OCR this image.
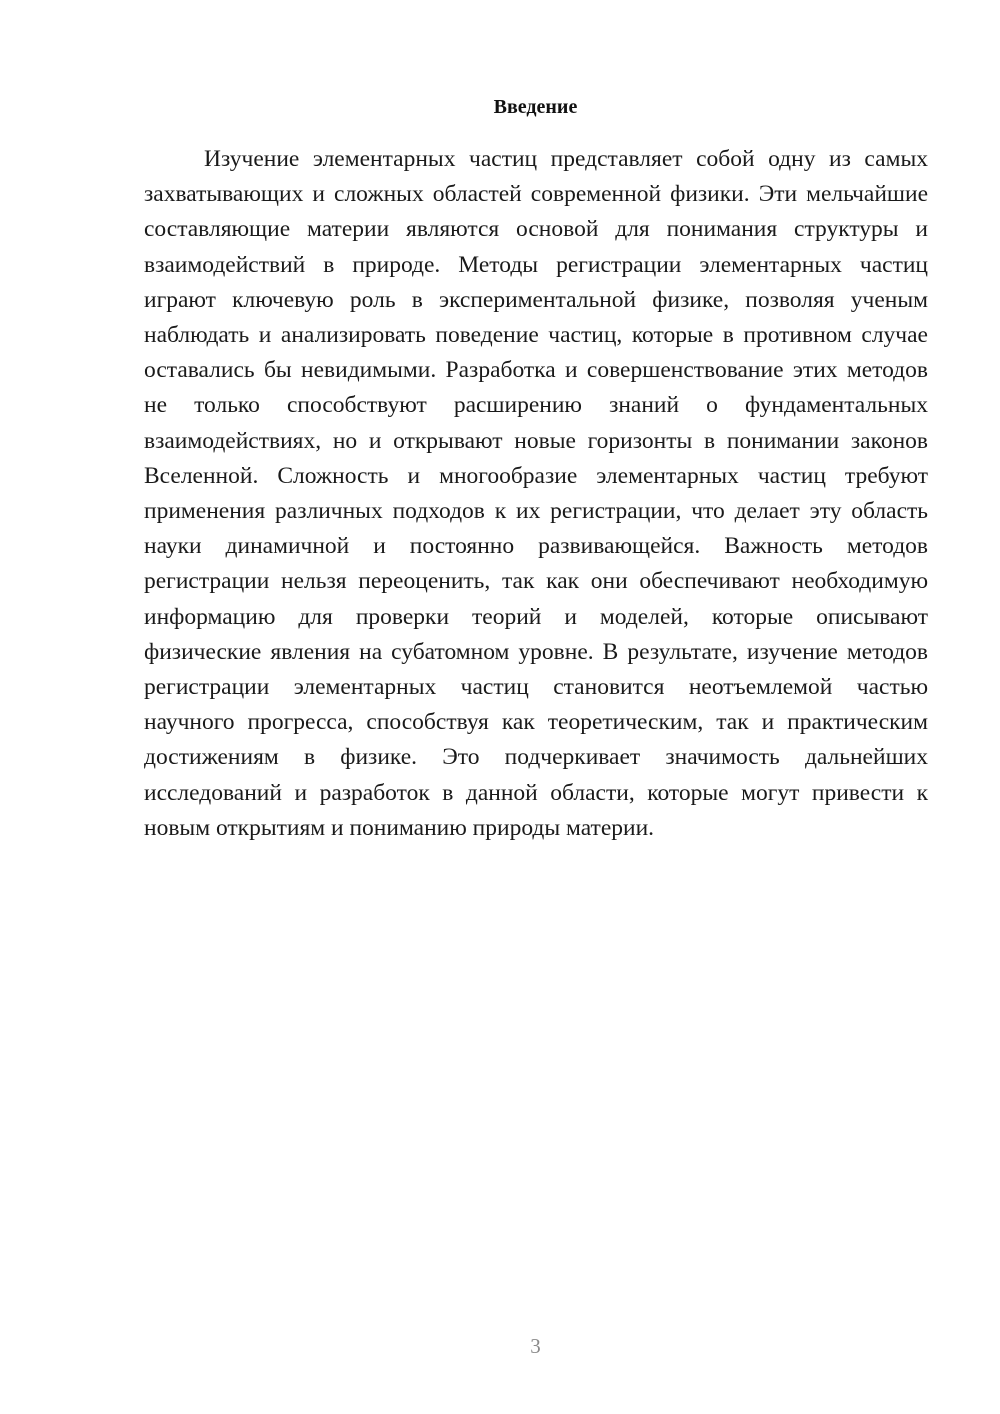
Введение

Изучение элементарных частиц представляет собой одну из самых захватывающих и сложных областей современной физики. Эти мельчайшие составляющие материи являются основой для понимания структуры и взаимодействий в природе. Методы регистрации элементарных частиц играют ключевую роль в экспериментальной физике, позволяя ученым наблюдать и анализировать поведение частиц, которые в противном случае оставались бы невидимыми. Разработка и совершенствование этих методов не только способствуют расширению знаний о фундаментальных взаимодействиях, но и открывают новые горизонты в понимании законов Вселенной. Сложность и многообразие элементарных частиц требуют применения различных подходов к их регистрации, что делает эту область науки динамичной и постоянно развивающейся. Важность методов регистрации нельзя переоценить, так как они обеспечивают необходимую информацию для проверки теорий и моделей, которые описывают физические явления на субатомном уровне. В результате, изучение методов регистрации элементарных частиц становится неотъемлемой частью научного прогресса, способствуя как теоретическим, так и практическим достижениям в физике. Это подчеркивает значимость дальнейших исследований и разработок в данной области, которые могут привести к новым открытиям и пониманию природы материи.

3
